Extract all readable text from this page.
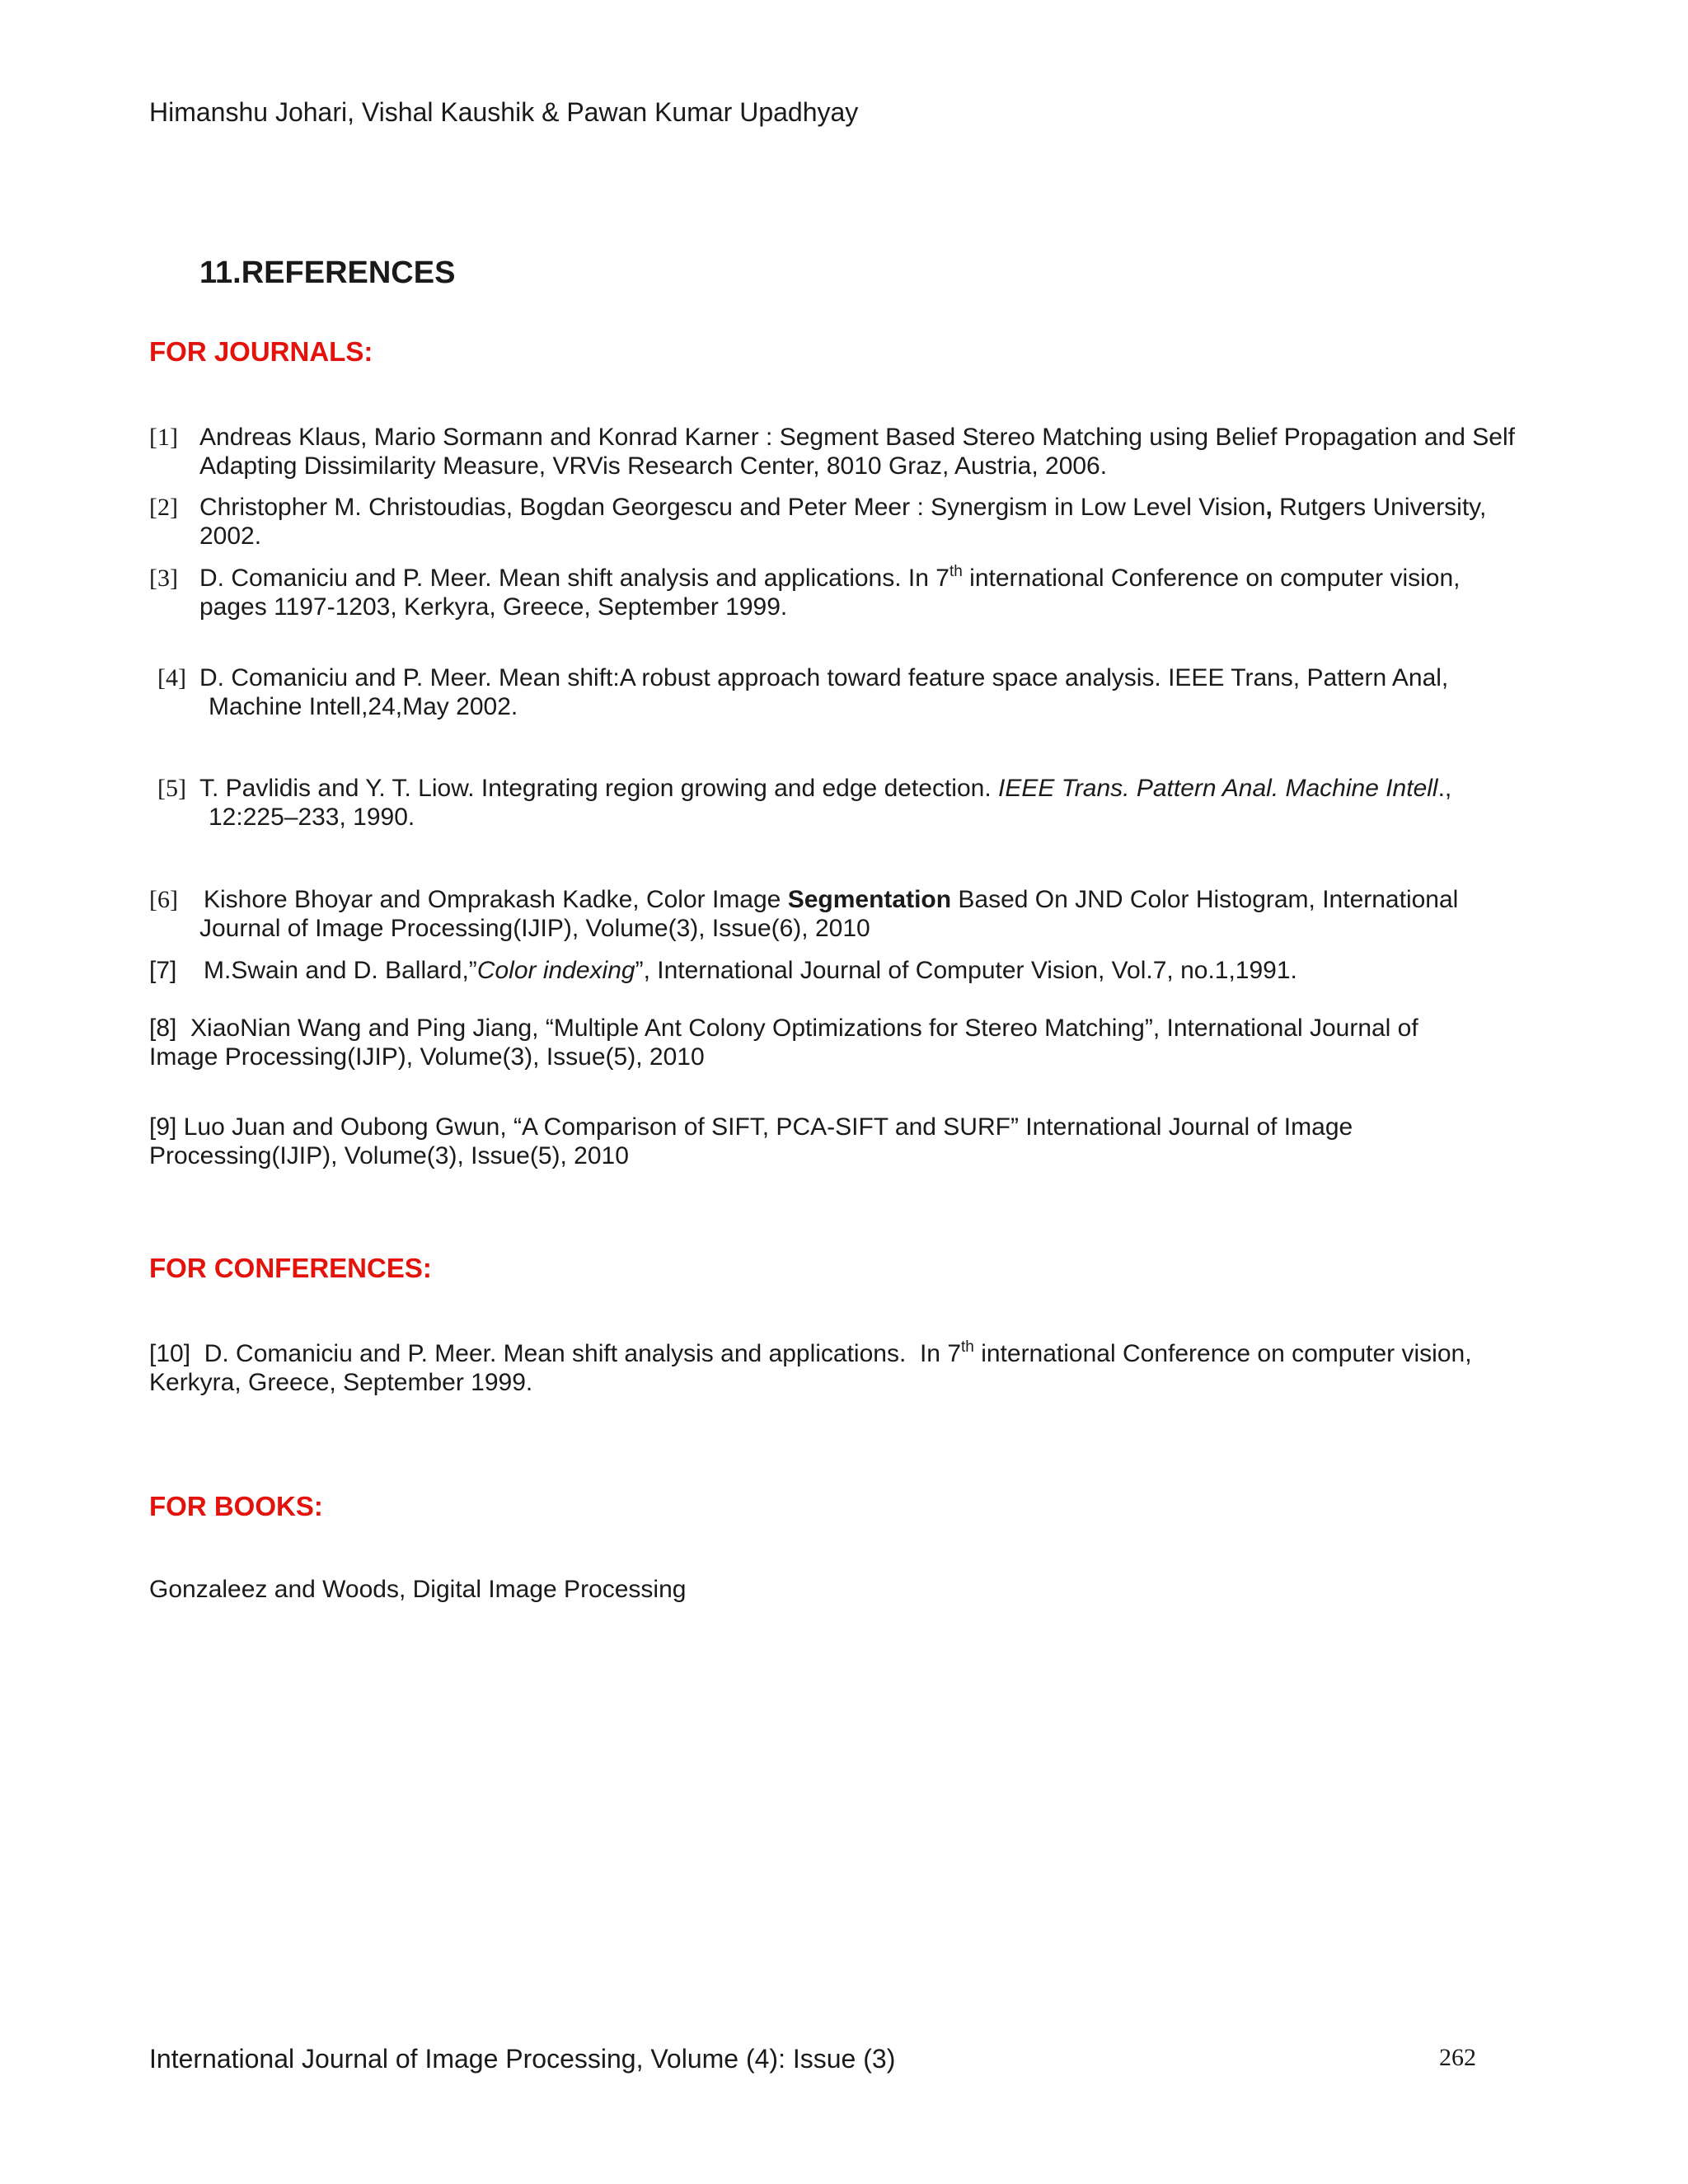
Himanshu Johari, Vishal Kaushik & Pawan Kumar Upadhyay
11.REFERENCES
FOR JOURNALS:
[1] Andreas Klaus, Mario Sormann and Konrad Karner : Segment Based Stereo Matching using Belief Propagation and Self
Adapting Dissimilarity Measure, VRVis Research Center, 8010 Graz, Austria, 2006.
[2] Christopher M. Christoudias, Bogdan Georgescu and Peter Meer : Synergism in Low Level Vision, Rutgers University,
2002.
[3] D. Comaniciu and P. Meer. Mean shift analysis and applications. In 7th international Conference on computer vision,
pages 1197-1203, Kerkyra, Greece, September 1999.
[4] D. Comaniciu and P. Meer. Mean shift:A robust approach toward feature space analysis. IEEE Trans, Pattern Anal,
Machine Intell,24,May 2002.
[5] T. Pavlidis and Y. T. Liow. Integrating region growing and edge detection. IEEE Trans. Pattern Anal. Machine Intell.,
12:225–233, 1990.
[6] Kishore Bhoyar and Omprakash Kadke, Color Image Segmentation Based On JND Color Histogram, International
Journal of Image Processing(IJIP), Volume(3), Issue(6), 2010
[7] M.Swain and D. Ballard,”Color indexing”, International Journal of Computer Vision, Vol.7, no.1,1991.
[8]  XiaoNian Wang and Ping Jiang, “Multiple Ant Colony Optimizations for Stereo Matching”, International Journal of
Image Processing(IJIP), Volume(3), Issue(5), 2010
[9] Luo Juan and Oubong Gwun, “A Comparison of SIFT, PCA-SIFT and SURF” International Journal of Image
Processing(IJIP), Volume(3), Issue(5), 2010
FOR CONFERENCES:
[10]  D. Comaniciu and P. Meer. Mean shift analysis and applications.  In 7th international Conference on computer vision,
Kerkyra, Greece, September 1999.
FOR BOOKS:
Gonzaleez and Woods, Digital Image Processing
International Journal of Image Processing, Volume (4): Issue (3)	262
